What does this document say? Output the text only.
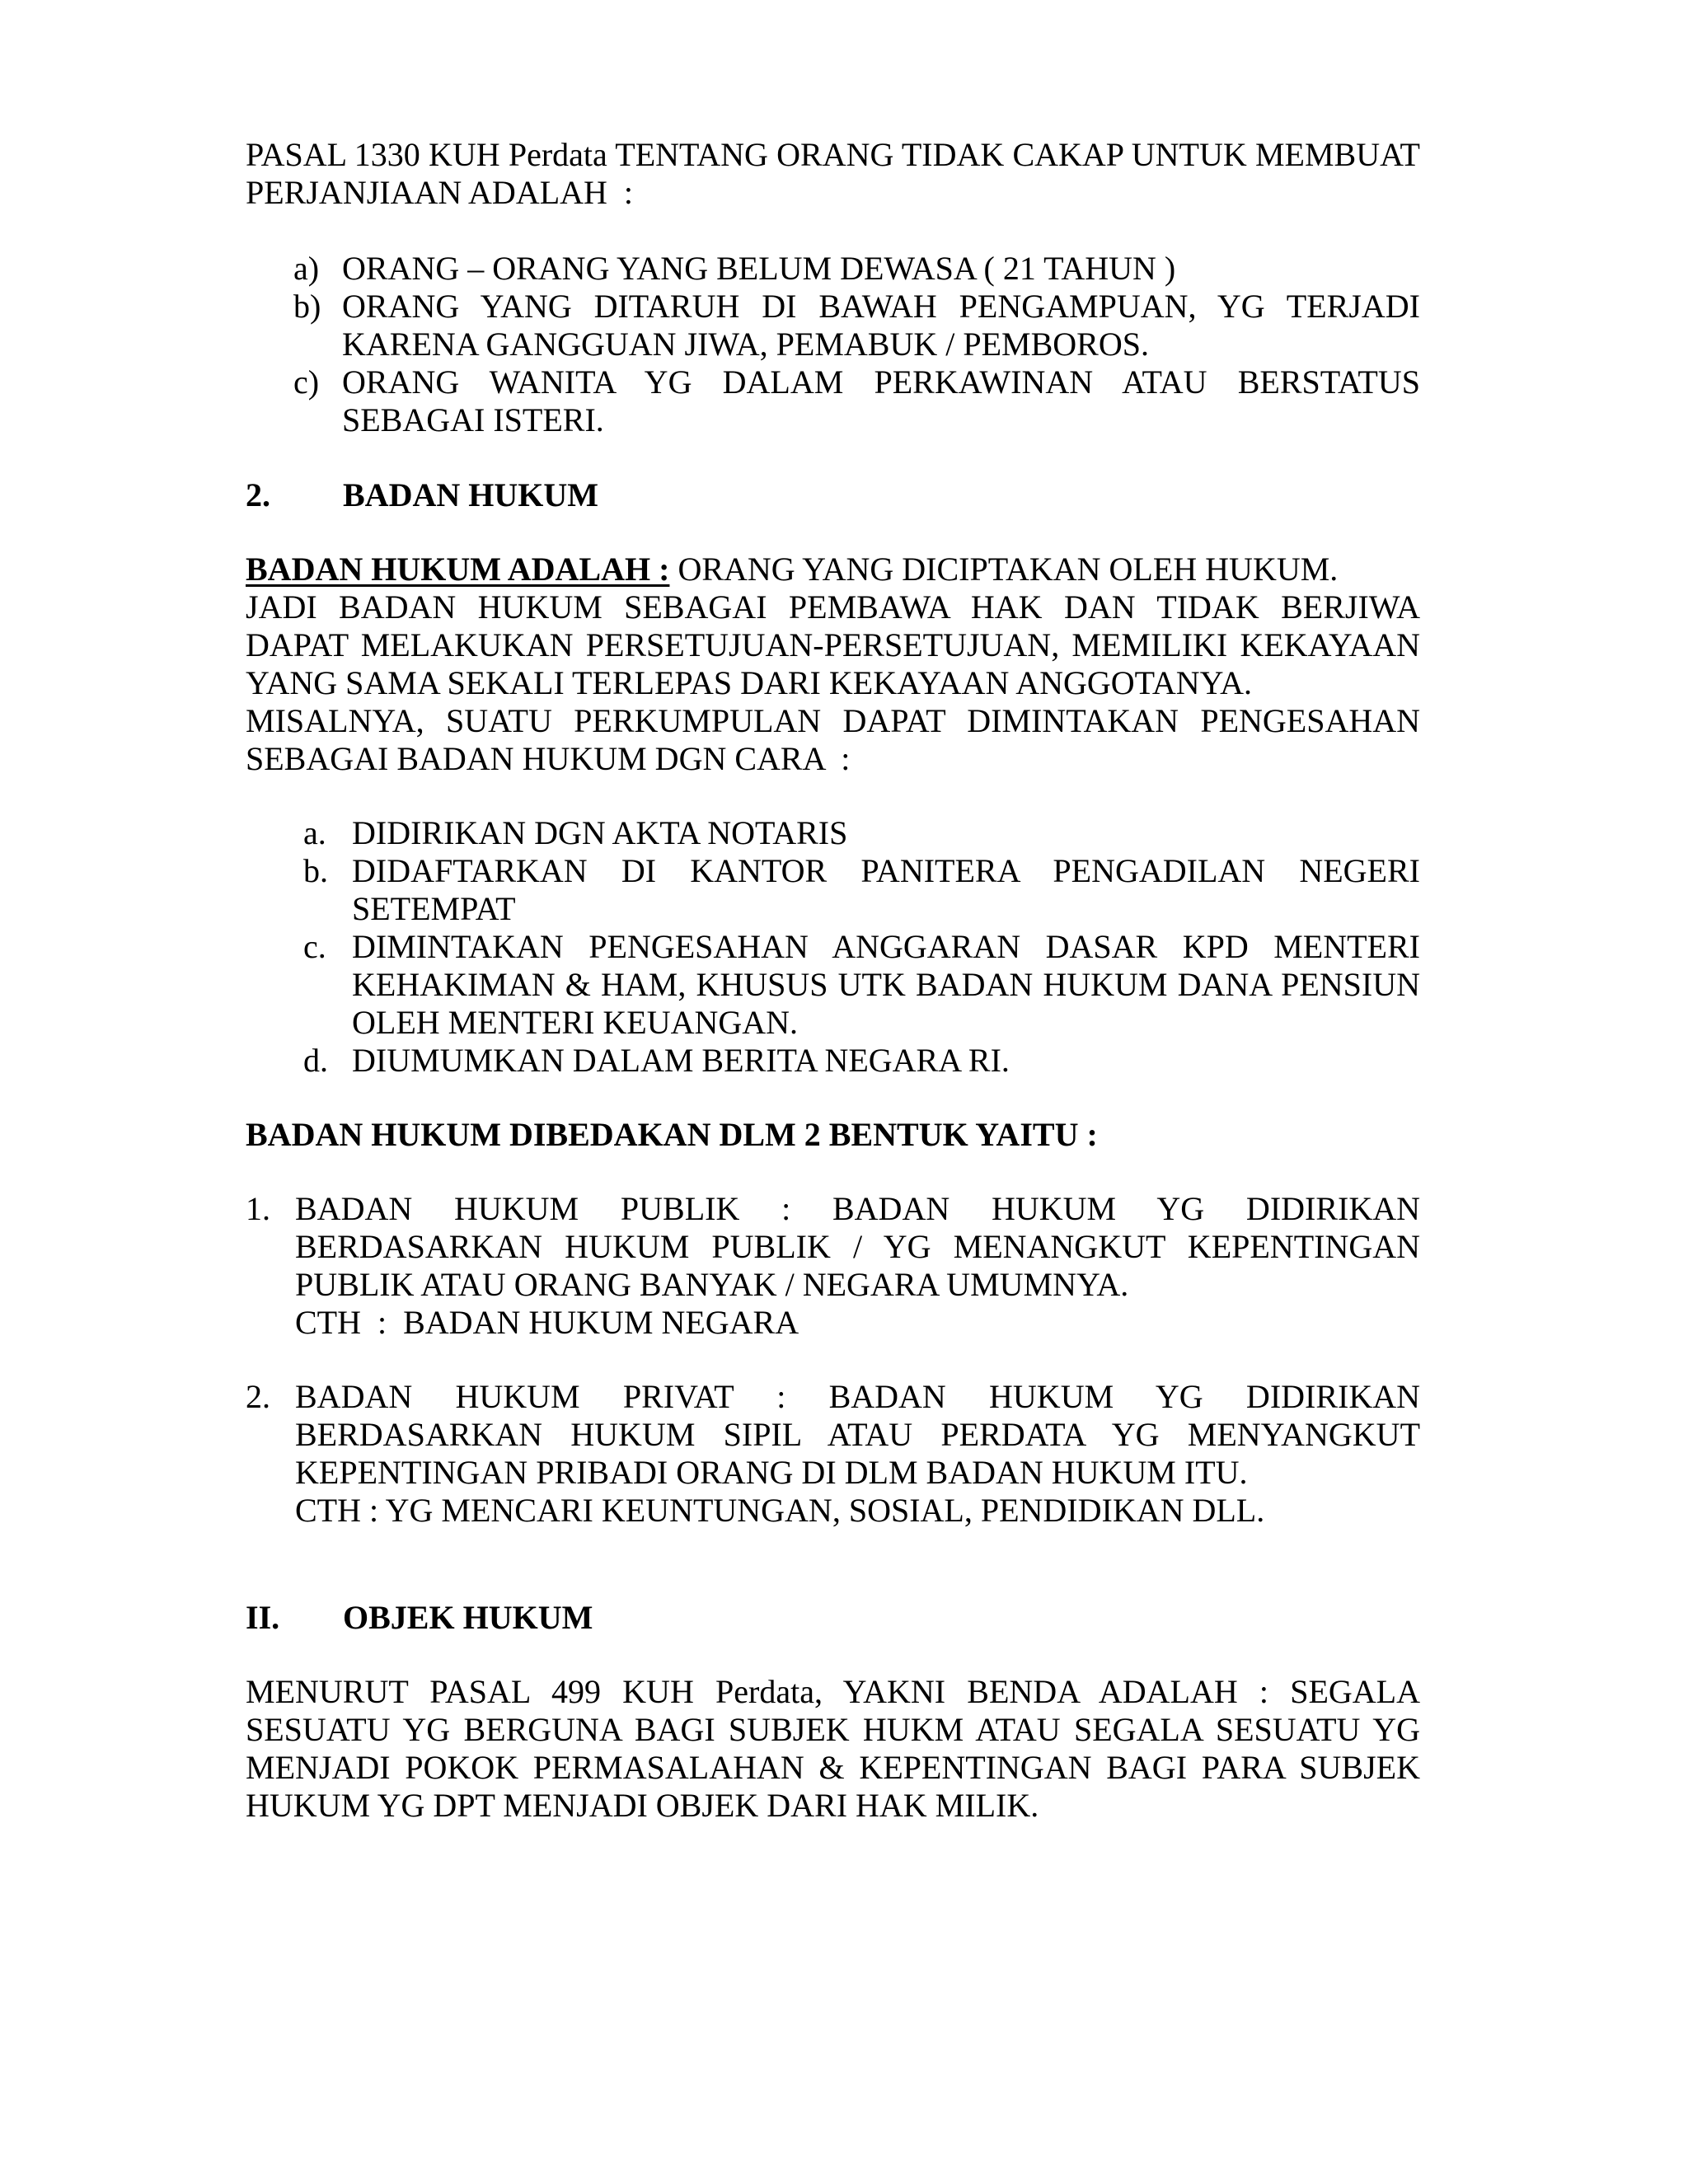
PASAL 1330 KUH Perdata TENTANG ORANG TIDAK CAKAP UNTUK MEMBUAT
PERJANJIAAN ADALAH  :
a) ORANG – ORANG YANG BELUM DEWASA ( 21 TAHUN )
b) ORANG YANG DITARUH DI BAWAH PENGAMPUAN, YG TERJADI
KARENA GANGGUAN JIWA, PEMABUK / PEMBOROS.
c) ORANG WANITA YG DALAM PERKAWINAN ATAU BERSTATUS
SEBAGAI ISTERI.
2. BADAN HUKUM
BADAN HUKUM ADALAH : ORANG YANG DICIPTAKAN OLEH HUKUM.
JADI BADAN HUKUM SEBAGAI PEMBAWA HAK DAN TIDAK BERJIWA
DAPAT MELAKUKAN PERSETUJUAN-PERSETUJUAN, MEMILIKI KEKAYAAN
YANG SAMA SEKALI TERLEPAS DARI KEKAYAAN ANGGOTANYA.
MISALNYA, SUATU PERKUMPULAN DAPAT DIMINTAKAN PENGESAHAN
SEBAGAI BADAN HUKUM DGN CARA  :
a. DIDIRIKAN DGN AKTA NOTARIS
b. DIDAFTARKAN DI KANTOR PANITERA PENGADILAN NEGERI
SETEMPAT
c. DIMINTAKAN PENGESAHAN ANGGARAN DASAR KPD MENTERI
KEHAKIMAN & HAM, KHUSUS UTK BADAN HUKUM DANA PENSIUN
OLEH MENTERI KEUANGAN.
d. DIUMUMKAN DALAM BERITA NEGARA RI.
BADAN HUKUM DIBEDAKAN DLM 2 BENTUK YAITU :
1. BADAN HUKUM PUBLIK : BADAN HUKUM YG DIDIRIKAN
BERDASARKAN HUKUM PUBLIK / YG MENANGKUT KEPENTINGAN
PUBLIK ATAU ORANG BANYAK / NEGARA UMUMNYA.
CTH  :  BADAN HUKUM NEGARA
2. BADAN HUKUM PRIVAT : BADAN HUKUM YG DIDIRIKAN
BERDASARKAN HUKUM SIPIL ATAU PERDATA YG MENYANGKUT
KEPENTINGAN PRIBADI ORANG DI DLM BADAN HUKUM ITU.
CTH : YG MENCARI KEUNTUNGAN, SOSIAL, PENDIDIKAN DLL.
II. OBJEK HUKUM
MENURUT PASAL 499 KUH Perdata, YAKNI BENDA ADALAH : SEGALA
SESUATU YG BERGUNA BAGI SUBJEK HUKM ATAU SEGALA SESUATU YG
MENJADI POKOK PERMASALAHAN & KEPENTINGAN BAGI PARA SUBJEK
HUKUM YG DPT MENJADI OBJEK DARI HAK MILIK.
